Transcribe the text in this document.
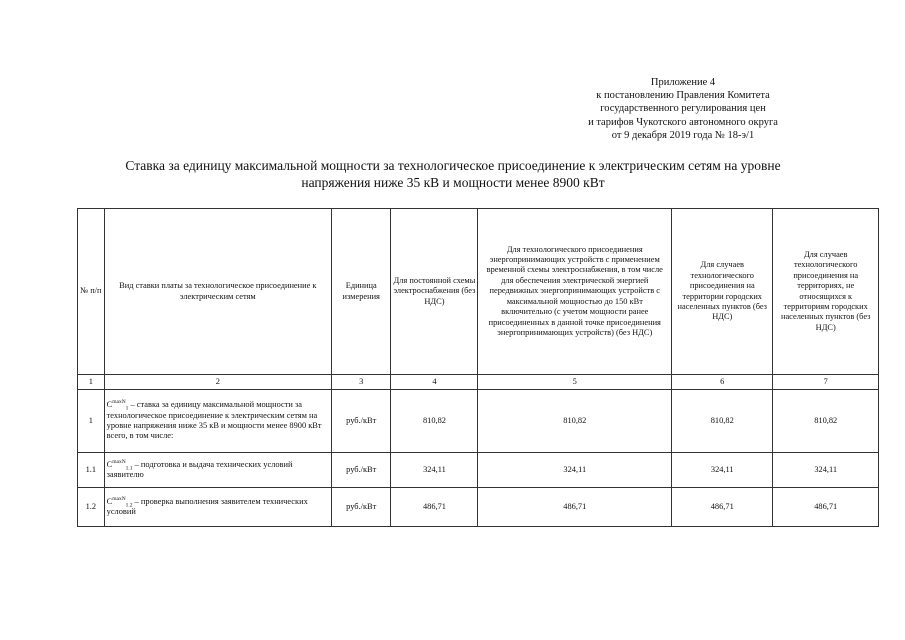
Приложение 4
к постановлению Правления Комитета
государственного регулирования цен
и тарифов Чукотского автономного округа
от 9 декабря 2019 года № 18-э/1
Ставка за единицу максимальной мощности за технологическое присоединение к электрическим сетям на уровне
напряжения ниже 35 кВ и мощности менее 8900 кВт
№ п/п	Вид ставки платы за технологическое присоединение к электрическим сетям	Единица измерения	Для постоянной схемы электроснабжения (без НДС)	Для технологического присоединения энергопринимающих устройств с применением временной схемы электроснабжения, в том числе для обеспечения электрической энергией передвижных энергопринимающих устройств с максимальной мощностью до 150 кВт включительно (с учетом мощности ранее присоединенных в данной точке присоединения энергопринимающих устройств) (без НДС)	Для случаев технологического присоединения на территории городских населенных пунктов (без НДС)	Для случаев технологического присоединения на территориях, не относящихся к территориям городских населенных пунктов (без НДС)
1	2	3	4	5	6	7
1	$C^{maxN}_1$ – ставка за единицу максимальной мощности за технологическое присоединение к электрическим сетям на уровне напряжения ниже 35 кВ и мощности менее 8900 кВт всего, в том числе:	руб./кВт	810,82	810,82	810,82	810,82
1.1	$C^{maxN}_{1.1}$ – подготовка и выдача технических условий заявителю	руб./кВт	324,11	324,11	324,11	324,11
1.2	$C^{maxN}_{1.2}$ – проверка выполнения заявителем технических условий	руб./кВт	486,71	486,71	486,71	486,71
